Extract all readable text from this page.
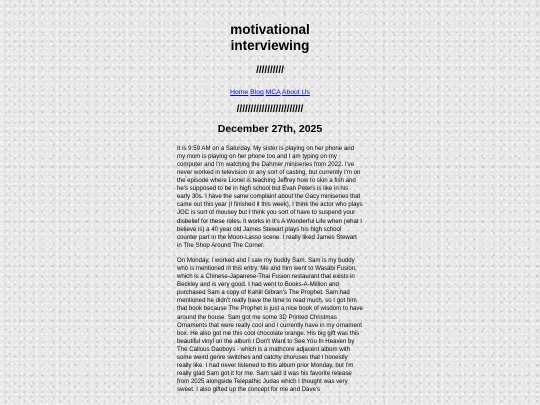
motivational
interviewing
//////////
Home Blog MCA About Us
////////////////////////
December 27th, 2025

It is 9:59 AM on a Saturday. My sister is playing on her phone and my mom is playing on her phone too and I am typing on my computer and I'm watching the Dahmer miniseries from 2022. I've never worked in television or any sort of casting, but currently I'm on the episode where Lionel is teaching Jeffrey how to skin a fish and he's supposed to be in high school but Evan Peters is like in his early 30s. I have the same complaint about the Gacy miniseries that came out this year (I finished it this week), I think the actor who plays JGC is sort of mousey but I think you sort of have to suspend your disbelief for these roles. It works in It's A Wonderful Life when (what I believe is) a 40 year old James Stewart plays his high school counter part in the Moon-Lasso scene. I really liked James Stewart in The Shop Around The Corner.

On Monday, I worked and I saw my buddy Sam. Sam is my buddy who is mentioned in this entry. Me and him went to Wasabi Fusion, which is a Chinese-Japanese-Thai Fusion restaurant that exists in Beckley and is very good. I had went to Books-A-Million and purchased Sam a copy of Kahlil Gibran's The Prophet. Sam had mentioned he didn't really have the time to read much, so I got him that book because The Prophet is just a nice book of wisdom to have around the house. Sam got me some 3D Printed Christmas Ornaments that were really cool and I currently have in my ornament box. He also got me this cool chocolate orange. His big gift was this beautiful vinyl on the album I Don't Want to See You In Heaven by The Callous Daoboys - which is a mathcore adjacent album with some weird genre switches and catchy choruses that I honestly really like. I had never listened to this album prior Monday, but I'm really glad Sam got it for me. Sam said it was his favorite release from 2025 alongside Telepathic Judas which I thought was very sweet. I also gifted up the concept for me and Dave's
